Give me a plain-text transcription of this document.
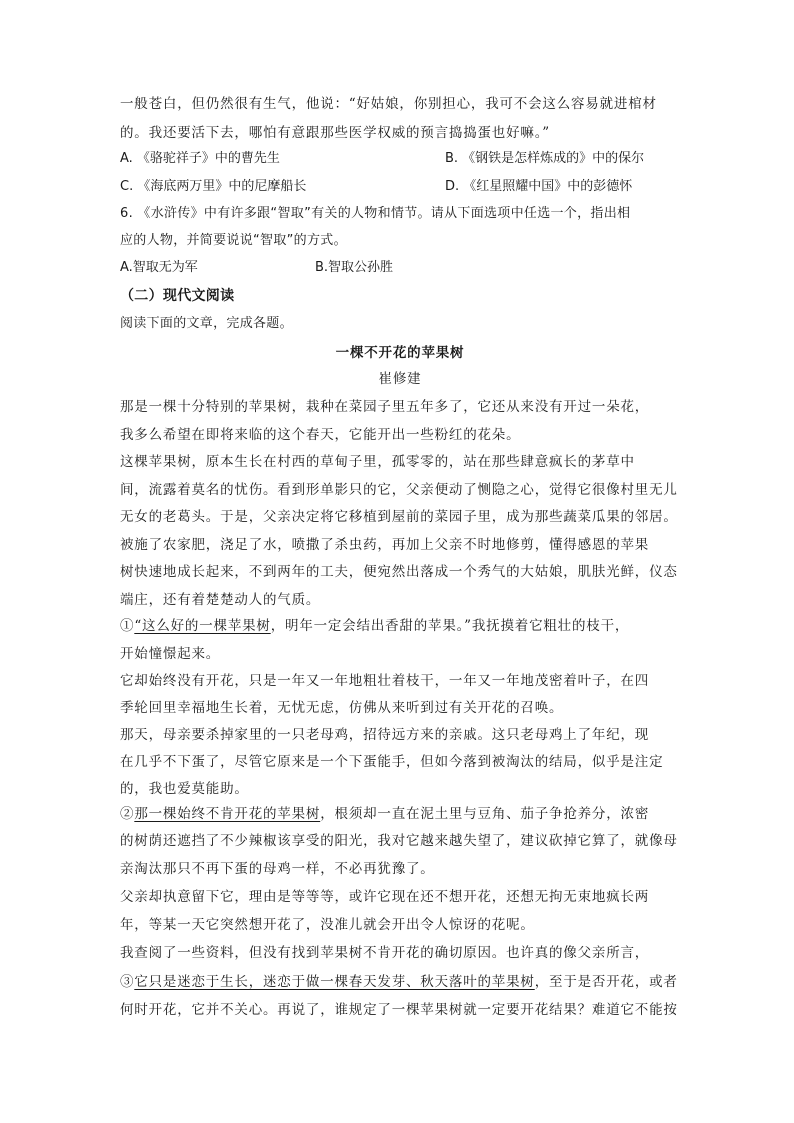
一般苍白，但仍然很有生气，他说：“好姑娘，你别担心，我可不会这么容易就进棺材
的。我还要活下去，哪怕有意跟那些医学权威的预言捣捣蛋也好嘛。”
A. 《骆驼祥子》中的曹先生	B. 《钢铁是怎样炼成的》中的保尔
C. 《海底两万里》中的尼摩船长	D. 《红星照耀中国》中的彭德怀
6. 《水浒传》中有许多跟“智取”有关的人物和情节。请从下面选项中任选一个，指出相
应的人物，并简要说说“智取”的方式。
A.智取无为军	B.智取公孙胜
（二）现代文阅读
阅读下面的文章，完成各题。
一棵不开花的苹果树
崔修建
那是一棵十分特别的苹果树，栽种在菜园子里五年多了，它还从来没有开过一朵花，
我多么希望在即将来临的这个春天，它能开出一些粉红的花朵。
这棵苹果树，原本生长在村西的草甸子里，孤零零的，站在那些肆意疯长的茅草中
间，流露着莫名的忧伤。看到形单影只的它，父亲便动了恻隐之心，觉得它很像村里无儿
无女的老葛头。于是，父亲决定将它移植到屋前的菜园子里，成为那些蔬菜瓜果的邻居。
被施了农家肥，浇足了水，喷撒了杀虫药，再加上父亲不时地修剪，懂得感恩的苹果
树快速地成长起来，不到两年的工夫，便宛然出落成一个秀气的大姑娘，肌肤光鲜，仪态
端庄，还有着楚楚动人的气质。
①“这么好的一棵苹果树，明年一定会结出香甜的苹果。”我抚摸着它粗壮的枝干，
开始憧憬起来。
它却始终没有开花，只是一年又一年地粗壮着枝干，一年又一年地茂密着叶子，在四
季轮回里幸福地生长着，无忧无虑，仿佛从来听到过有关开花的召唤。
那天，母亲要杀掉家里的一只老母鸡，招待远方来的亲戚。这只老母鸡上了年纪，现
在几乎不下蛋了，尽管它原来是一个下蛋能手，但如今落到被淘汰的结局，似乎是注定
的，我也爱莫能助。
②那一棵始终不肯开花的苹果树，根须却一直在泥土里与豆角、茄子争抢养分，浓密
的树荫还遮挡了不少辣椒该享受的阳光，我对它越来越失望了，建议砍掉它算了，就像母
亲淘汰那只不再下蛋的母鸡一样，不必再犹豫了。
父亲却执意留下它，理由是等等等，或许它现在还不想开花，还想无拘无束地疯长两
年，等某一天它突然想开花了，没准儿就会开出令人惊讶的花呢。
我查阅了一些资料，但没有找到苹果树不肯开花的确切原因。也许真的像父亲所言，
③它只是迷恋于生长，迷恋于做一棵春天发芽、秋天落叶的苹果树，至于是否开花，或者
何时开花，它并不关心。再说了，谁规定了一棵苹果树就一定要开花结果？难道它不能按
